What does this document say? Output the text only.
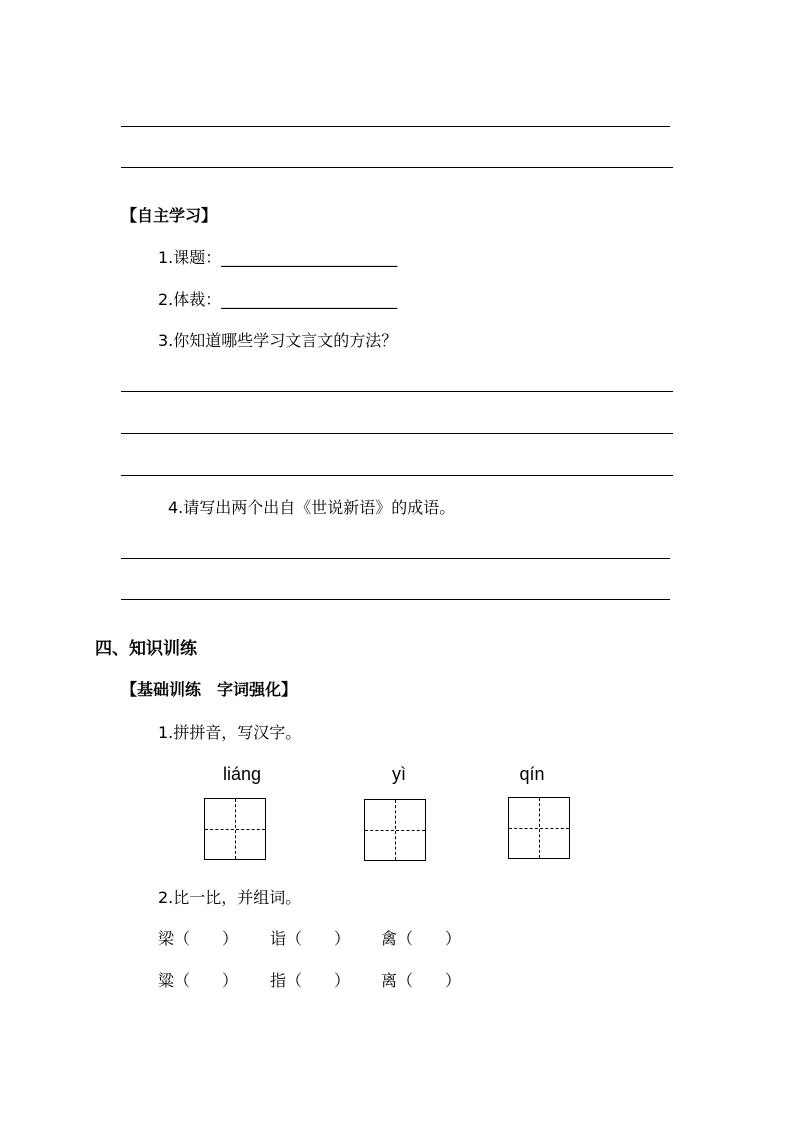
【自主学习】
1.课题：______________________
2.体裁：______________________
3.你知道哪些学习文言文的方法？
4.请写出两个出自《世说新语》的成语。
四、知识训练
【基础训练　字词强化】
1.拼拼音，写汉字。
liáng	yì	qín
2.比一比，并组词。
梁（　　） 诣（　　） 禽（　　）
粱（　　） 指（　　） 离（　　）
